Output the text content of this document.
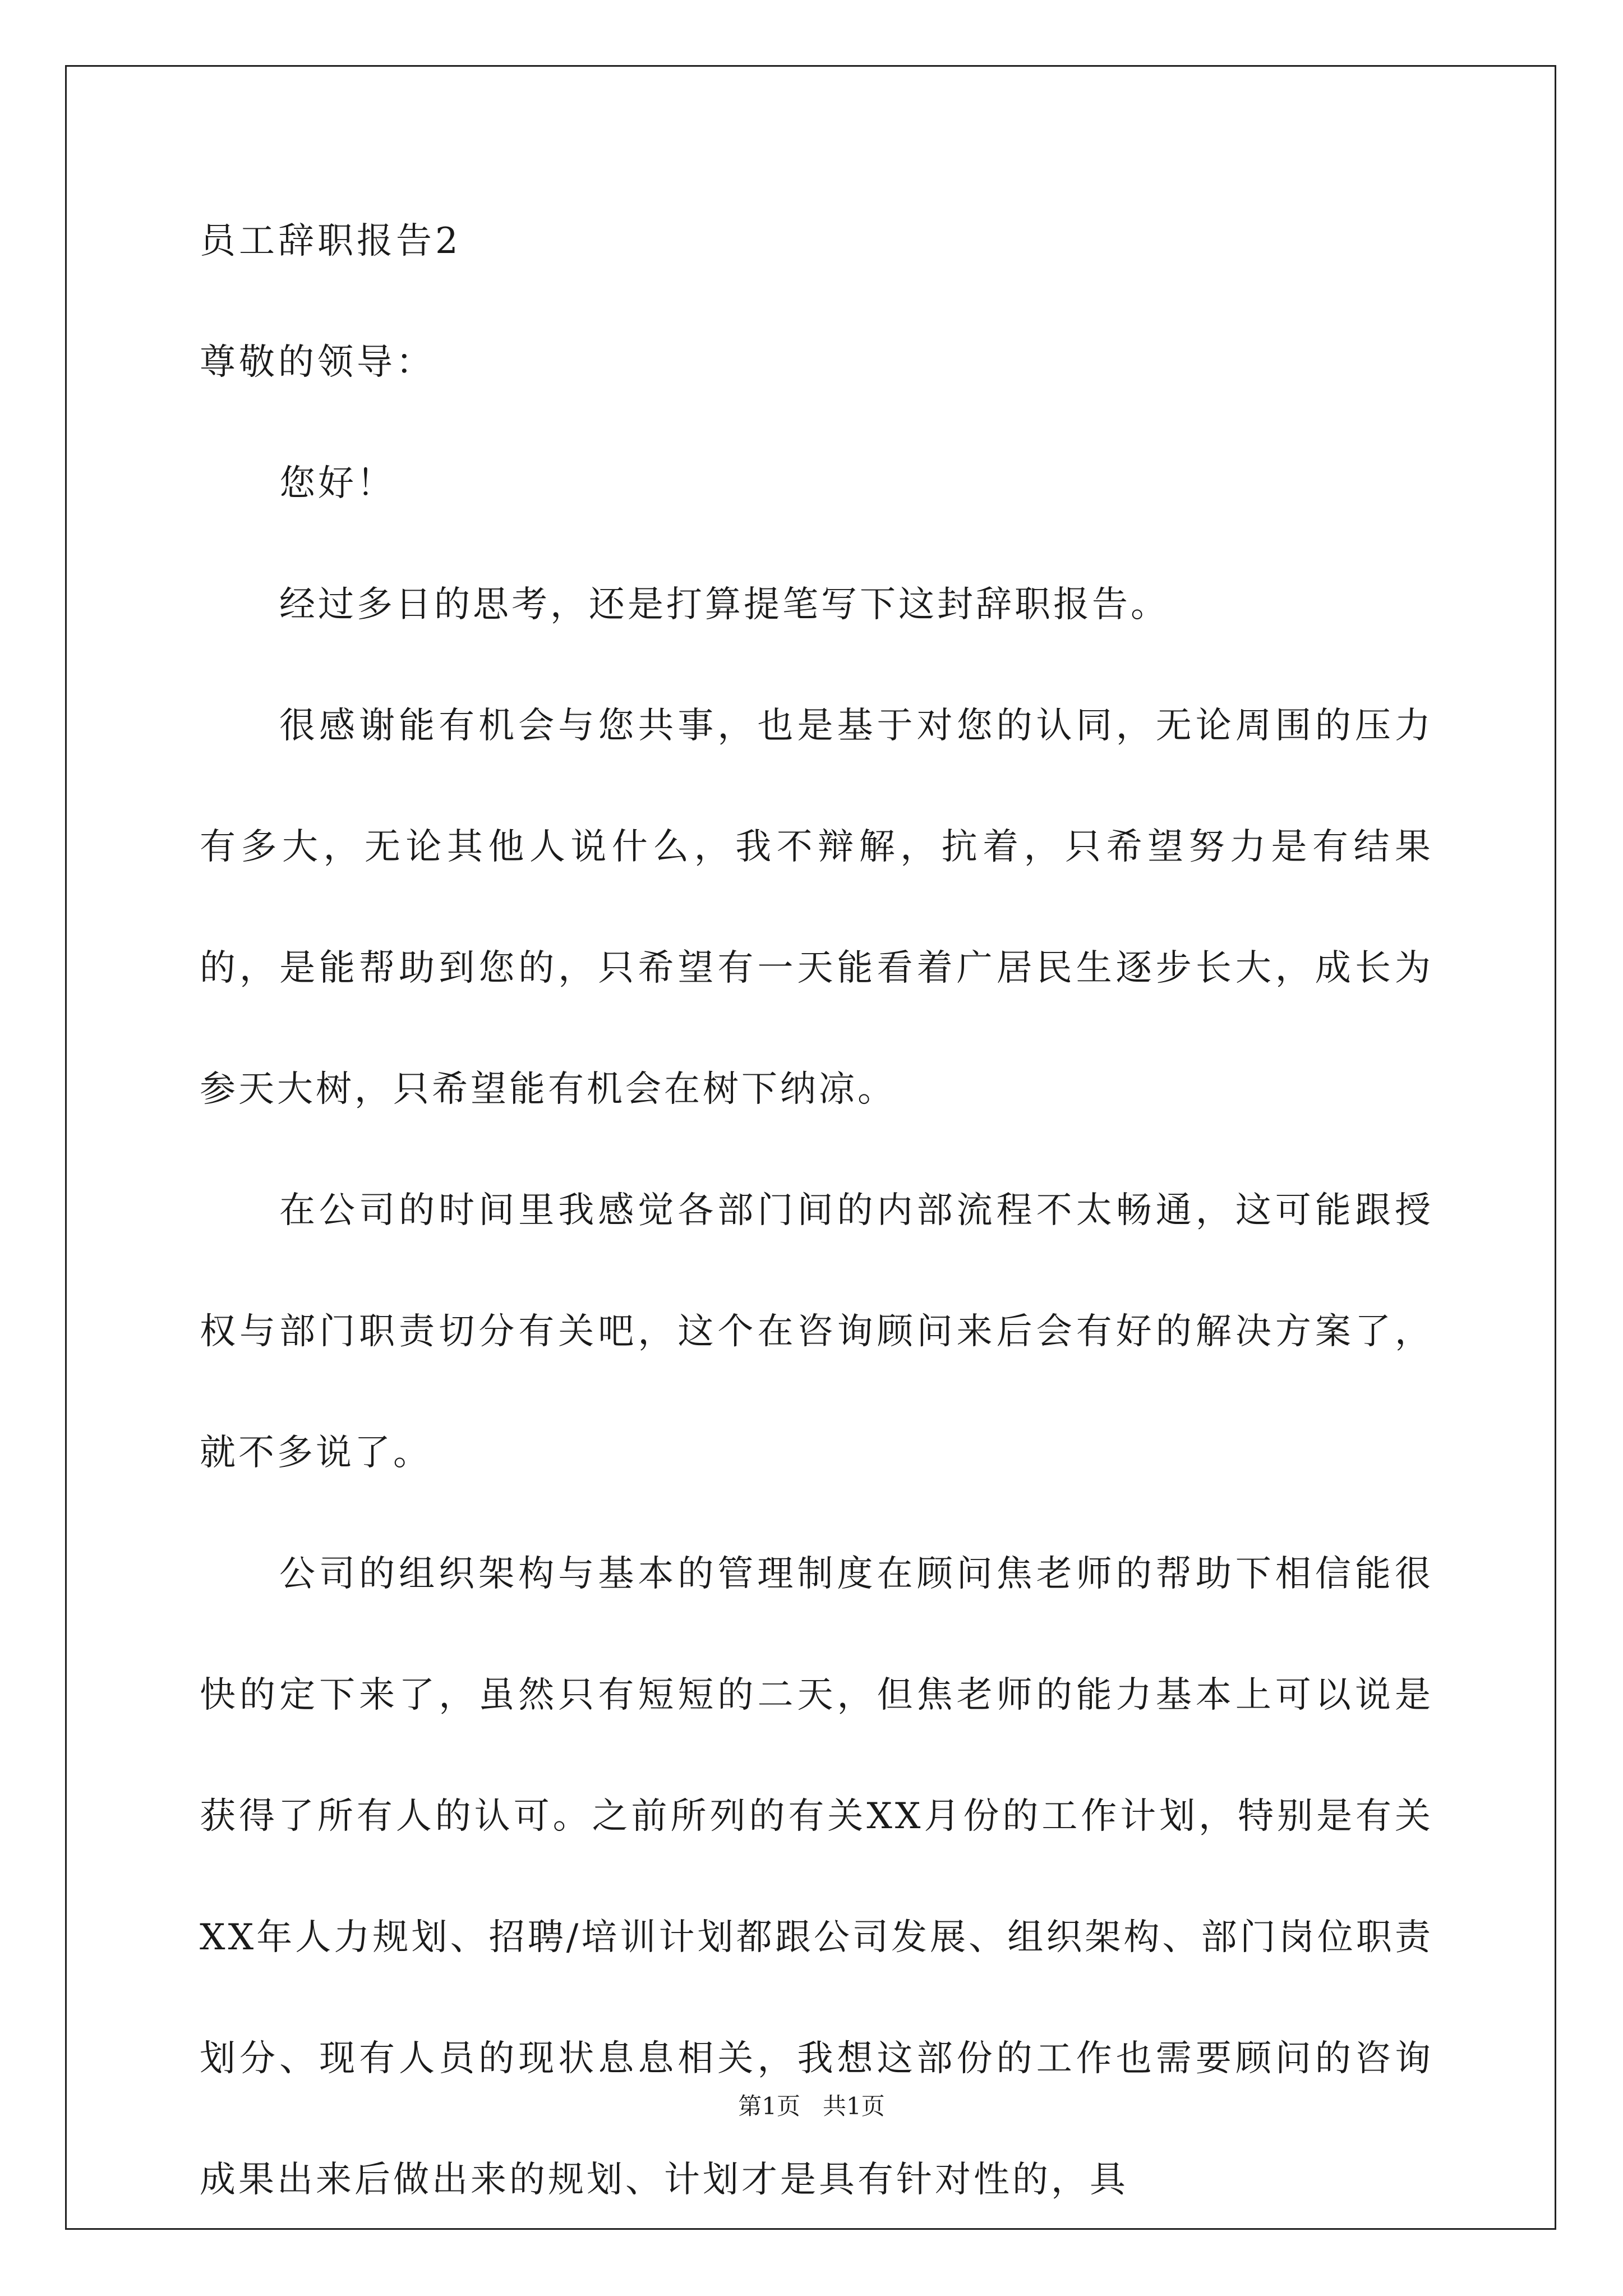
员工辞职报告2

尊敬的领导：

您好！

经过多日的思考，还是打算提笔写下这封辞职报告。

很感谢能有机会与您共事，也是基于对您的认同，无论周围的压力有多大，无论其他人说什么，我不辩解，抗着，只希望努力是有结果的，是能帮助到您的，只希望有一天能看着广居民生逐步长大，成长为参天大树，只希望能有机会在树下纳凉。

在公司的时间里我感觉各部门间的内部流程不太畅通，这可能跟授权与部门职责切分有关吧，这个在咨询顾问来后会有好的解决方案了，就不多说了。

公司的组织架构与基本的管理制度在顾问焦老师的帮助下相信能很快的定下来了，虽然只有短短的二天，但焦老师的能力基本上可以说是获得了所有人的认可。之前所列的有关XX月份的工作计划，特别是有关XX年人力规划、招聘/培训计划都跟公司发展、组织架构、部门岗位职责划分、现有人员的现状息息相关，我想这部份的工作也需要顾问的咨询成果出来后做出来的规划、计划才是具有针对性的，具

第1页 共1页
